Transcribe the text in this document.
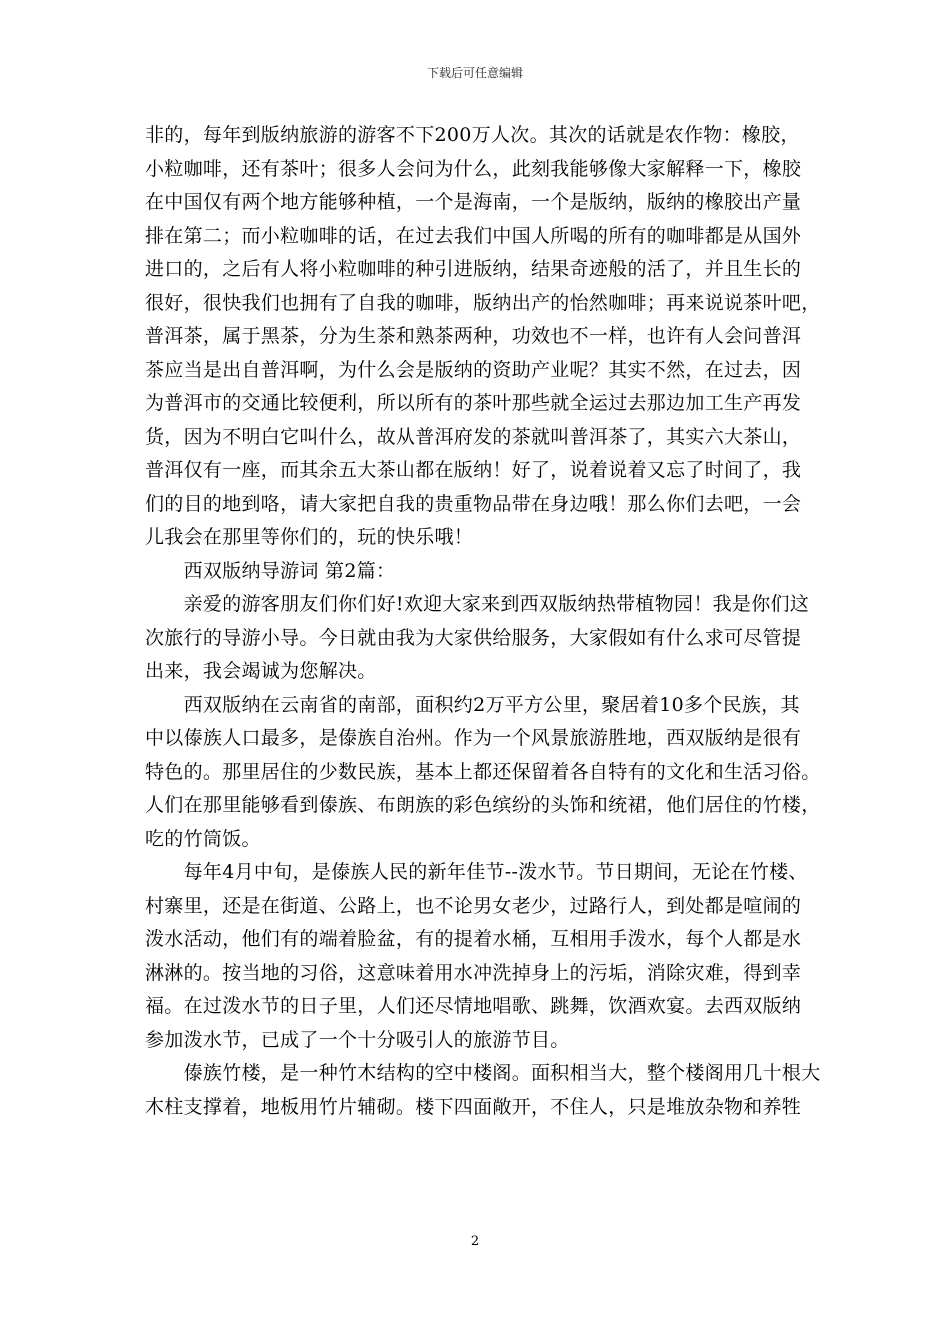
下载后可任意编辑
非的，每年到版纳旅游的游客不下200万人次。其次的话就是农作物：橡胶，
小粒咖啡，还有茶叶；很多人会问为什么，此刻我能够像大家解释一下，橡胶
在中国仅有两个地方能够种植，一个是海南，一个是版纳，版纳的橡胶出产量
排在第二；而小粒咖啡的话，在过去我们中国人所喝的所有的咖啡都是从国外
进口的，之后有人将小粒咖啡的种引进版纳，结果奇迹般的活了，并且生长的
很好，很快我们也拥有了自我的咖啡，版纳出产的怡然咖啡；再来说说茶叶吧，
普洱茶，属于黑茶，分为生茶和熟茶两种，功效也不一样，也许有人会问普洱
茶应当是出自普洱啊，为什么会是版纳的资助产业呢？其实不然，在过去，因
为普洱市的交通比较便利，所以所有的茶叶那些就全运过去那边加工生产再发
货，因为不明白它叫什么，故从普洱府发的茶就叫普洱茶了，其实六大茶山，
普洱仅有一座，而其余五大茶山都在版纳！好了，说着说着又忘了时间了，我
们的目的地到咯，请大家把自我的贵重物品带在身边哦！那么你们去吧，一会
儿我会在那里等你们的，玩的快乐哦！
　　西双版纳导游词 第2篇：
　　亲爱的游客朋友们你们好!欢迎大家来到西双版纳热带植物园！我是你们这
次旅行的导游小导。今日就由我为大家供给服务，大家假如有什么求可尽管提
出来，我会竭诚为您解决。
　　西双版纳在云南省的南部，面积约2万平方公里，聚居着10多个民族，其
中以傣族人口最多，是傣族自治州。作为一个风景旅游胜地，西双版纳是很有
特色的。那里居住的少数民族，基本上都还保留着各自特有的文化和生活习俗。
人们在那里能够看到傣族、布朗族的彩色缤纷的头饰和统裙，他们居住的竹楼，
吃的竹筒饭。
　　每年4月中旬，是傣族人民的新年佳节--泼水节。节日期间，无论在竹楼、
村寨里，还是在街道、公路上，也不论男女老少，过路行人，到处都是喧闹的
泼水活动，他们有的端着脸盆，有的提着水桶，互相用手泼水，每个人都是水
淋淋的。按当地的习俗，这意味着用水冲洗掉身上的污垢，消除灾难，得到幸
福。在过泼水节的日子里，人们还尽情地唱歌、跳舞，饮酒欢宴。去西双版纳
参加泼水节，已成了一个十分吸引人的旅游节目。
　　傣族竹楼，是一种竹木结构的空中楼阁。面积相当大，整个楼阁用几十根大
木柱支撑着，地板用竹片辅砌。楼下四面敞开，不住人，只是堆放杂物和养牲
2
